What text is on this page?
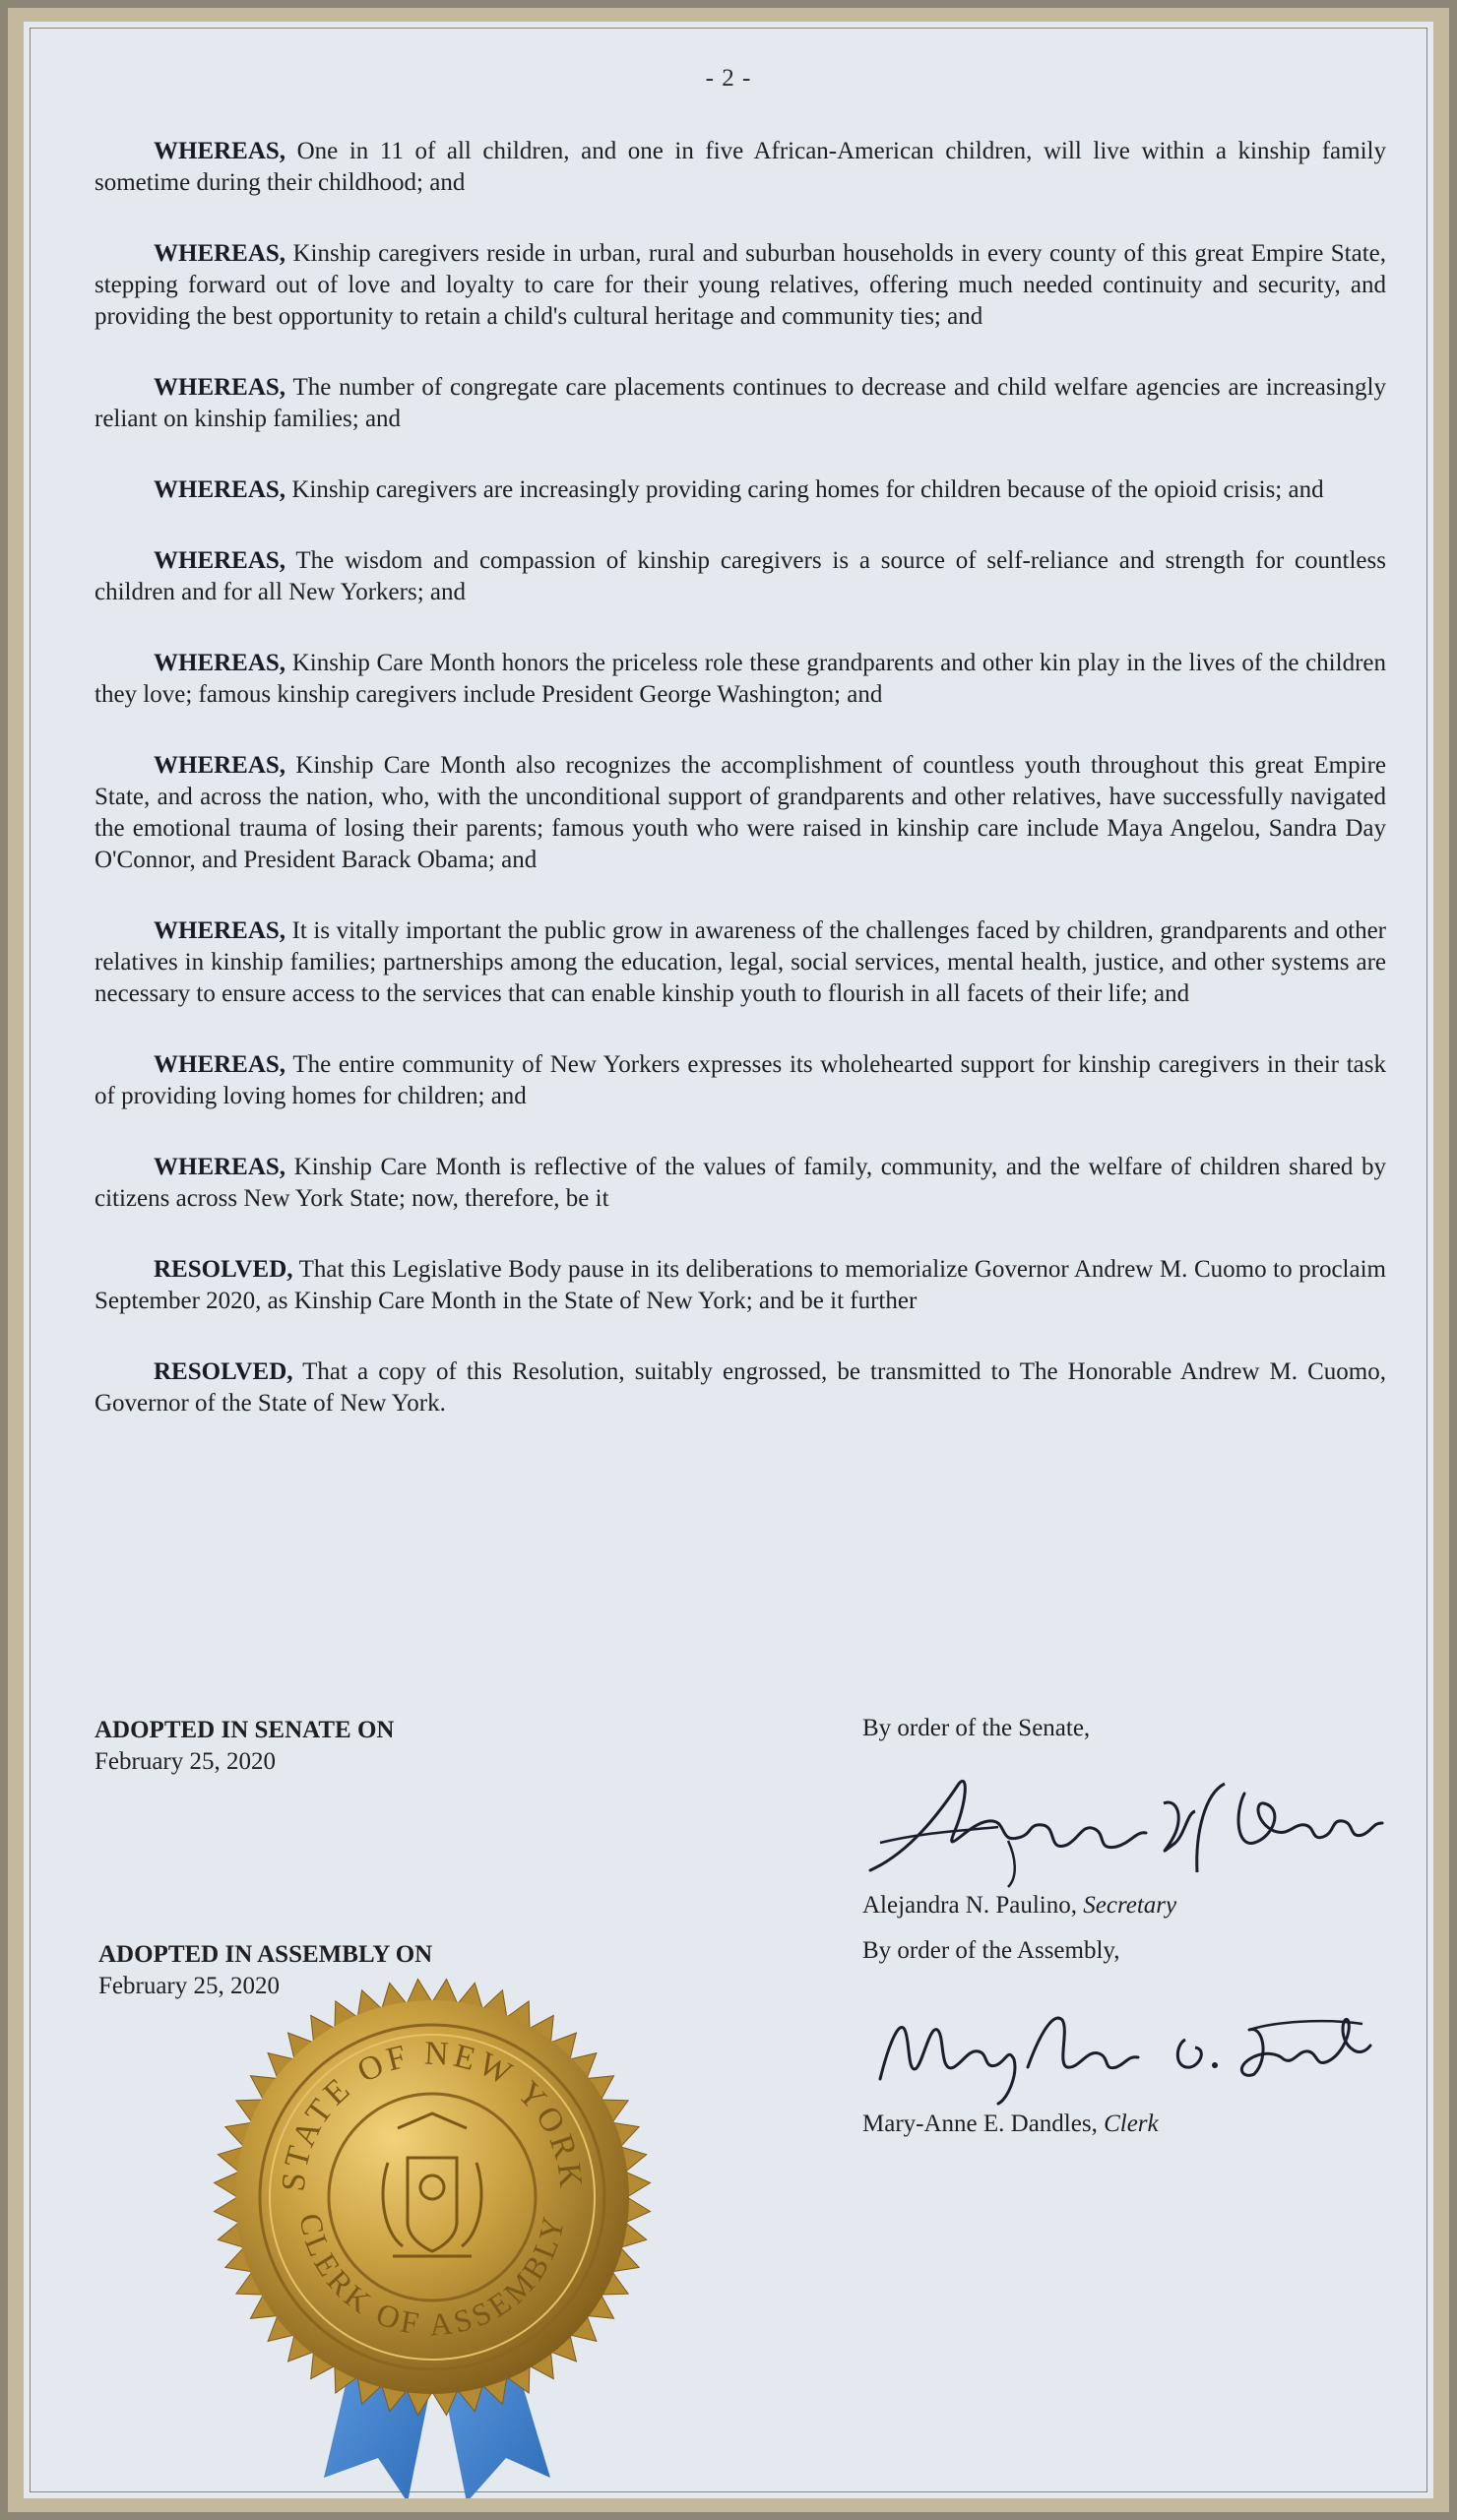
- 2 -

WHEREAS, One in 11 of all children, and one in five African-American children, will live within a kinship family sometime during their childhood; and

WHEREAS, Kinship caregivers reside in urban, rural and suburban households in every county of this great Empire State, stepping forward out of love and loyalty to care for their young relatives, offering much needed continuity and security, and providing the best opportunity to retain a child's cultural heritage and community ties; and

WHEREAS, The number of congregate care placements continues to decrease and child welfare agencies are increasingly reliant on kinship families; and

WHEREAS, Kinship caregivers are increasingly providing caring homes for children because of the opioid crisis; and

WHEREAS, The wisdom and compassion of kinship caregivers is a source of self-reliance and strength for countless children and for all New Yorkers; and

WHEREAS, Kinship Care Month honors the priceless role these grandparents and other kin play in the lives of the children they love; famous kinship caregivers include President George Washington; and

WHEREAS, Kinship Care Month also recognizes the accomplishment of countless youth throughout this great Empire State, and across the nation, who, with the unconditional support of grandparents and other relatives, have successfully navigated the emotional trauma of losing their parents; famous youth who were raised in kinship care include Maya Angelou, Sandra Day O'Connor, and President Barack Obama; and

WHEREAS, It is vitally important the public grow in awareness of the challenges faced by children, grandparents and other relatives in kinship families; partnerships among the education, legal, social services, mental health, justice, and other systems are necessary to ensure access to the services that can enable kinship youth to flourish in all facets of their life; and

WHEREAS, The entire community of New Yorkers expresses its wholehearted support for kinship caregivers in their task of providing loving homes for children; and

WHEREAS, Kinship Care Month is reflective of the values of family, community, and the welfare of children shared by citizens across New York State; now, therefore, be it

RESOLVED, That this Legislative Body pause in its deliberations to memorialize Governor Andrew M. Cuomo to proclaim September 2020, as Kinship Care Month in the State of New York; and be it further

RESOLVED, That a copy of this Resolution, suitably engrossed, be transmitted to The Honorable Andrew M. Cuomo, Governor of the State of New York.

ADOPTED IN SENATE ON
February 25, 2020
By order of the Senate,
Alejandra N. Paulino, Secretary
ADOPTED IN ASSEMBLY ON
February 25, 2020
By order of the Assembly,
Mary-Anne E. Dandles, Clerk
STATE OF NEW YORK
CLERK OF ASSEMBLY
